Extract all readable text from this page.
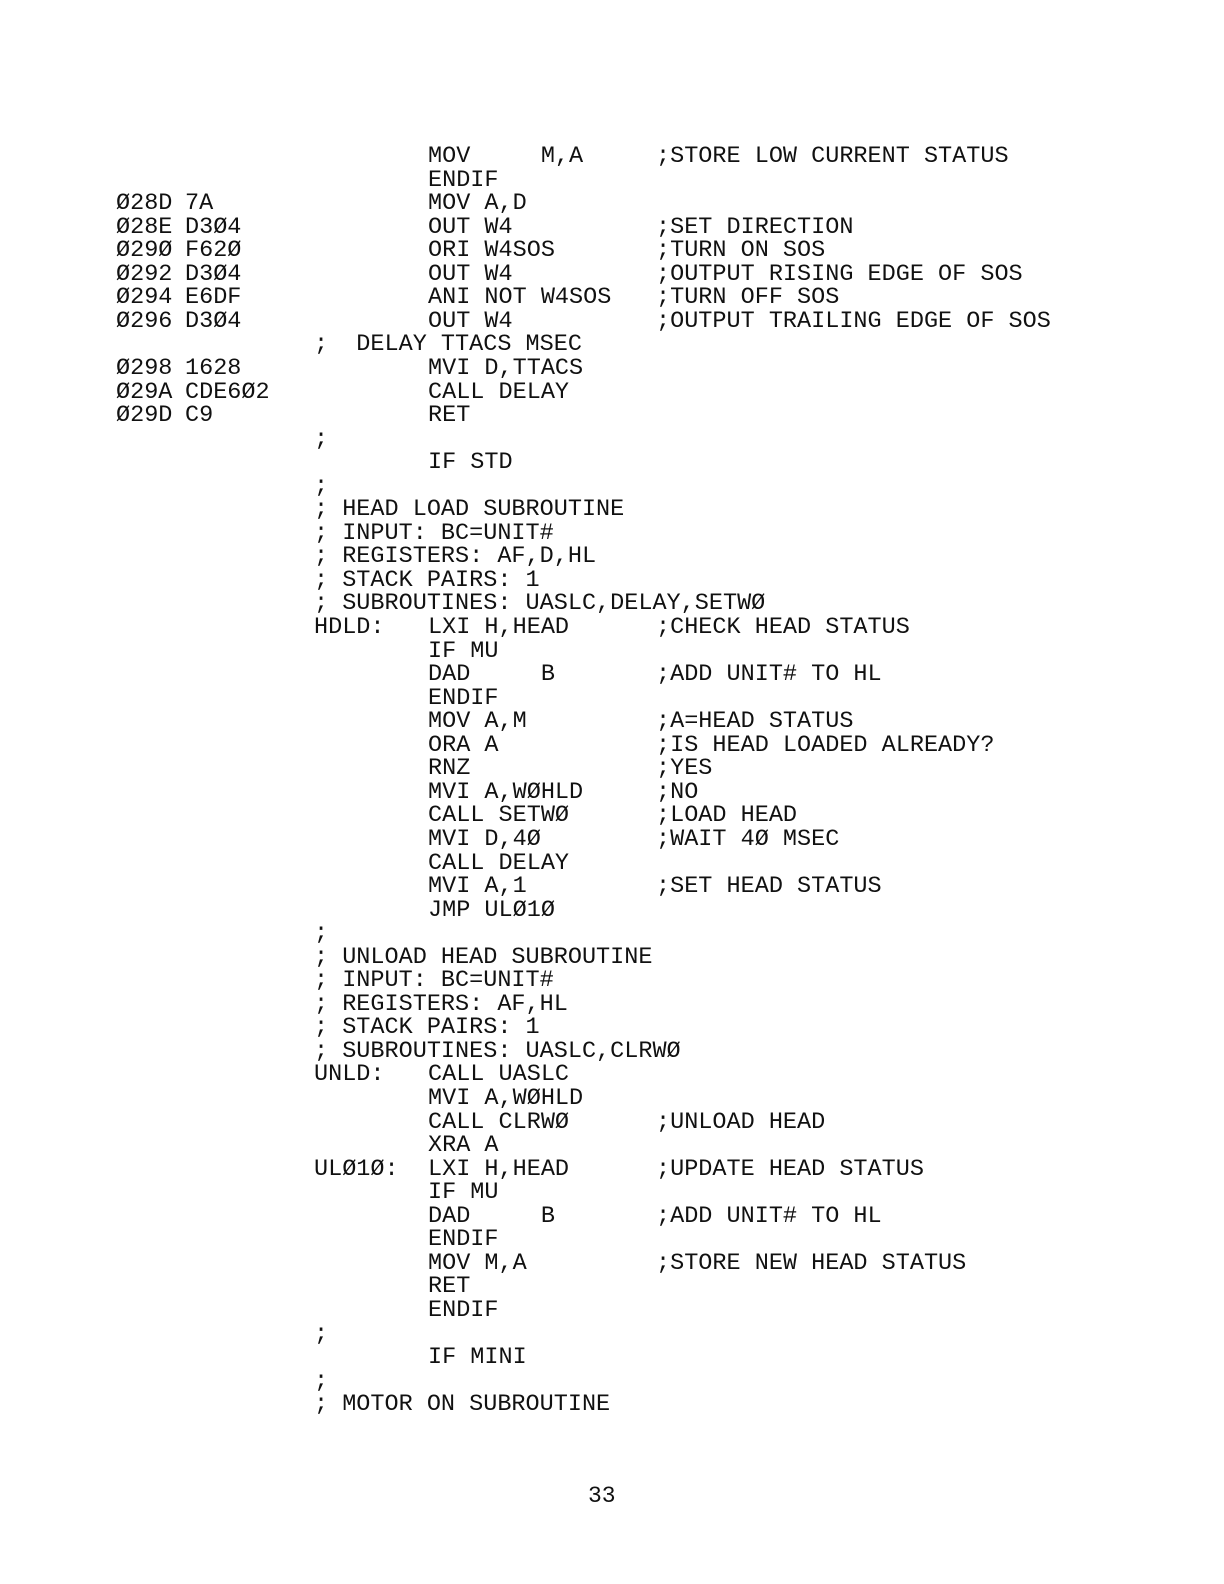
MOV     M,A	;STORE LOW CURRENT STATUS
ENDIF
Ø28D 7A	MOV A,D
Ø28E D3Ø4	OUT W4	;SET DIRECTION
Ø29Ø F62Ø	ORI W4SOS	;TURN ON SOS
Ø292 D3Ø4	OUT W4	;OUTPUT RISING EDGE OF SOS
Ø294 E6DF	ANI NOT W4SOS ;TURN OFF SOS
Ø296 D3Ø4	OUT W4	;OUTPUT TRAILING EDGE OF SOS
;  DELAY TTACS MSEC
Ø298 1628	MVI D,TTACS
Ø29A CDE6Ø2	CALL DELAY
Ø29D C9	RET
;
IF STD
;
; HEAD LOAD SUBROUTINE
; INPUT: BC=UNIT#
; REGISTERS: AF,D,HL
; STACK PAIRS: 1
; SUBROUTINES: UASLC,DELAY,SETWØ
HDLD: LXI H,HEAD	;CHECK HEAD STATUS
IF MU
DAD     B	;ADD UNIT# TO HL
ENDIF
MOV A,M	;A=HEAD STATUS
ORA A	;IS HEAD LOADED ALREADY?
RNZ	;YES
MVI A,WØHLD	;NO
CALL SETWØ	;LOAD HEAD
MVI D,4Ø	;WAIT 4Ø MSEC
CALL DELAY
MVI A,1	;SET HEAD STATUS
JMP ULØ1Ø
;
; UNLOAD HEAD SUBROUTINE
; INPUT: BC=UNIT#
; REGISTERS: AF,HL
; STACK PAIRS: 1
; SUBROUTINES: UASLC,CLRWØ
UNLD: CALL UASLC
MVI A,WØHLD
CALL CLRWØ	;UNLOAD HEAD
XRA A
ULØ1Ø: LXI H,HEAD	;UPDATE HEAD STATUS
IF MU
DAD     B	;ADD UNIT# TO HL
ENDIF
MOV M,A	;STORE NEW HEAD STATUS
RET
ENDIF
;
IF MINI
;
; MOTOR ON SUBROUTINE
33
